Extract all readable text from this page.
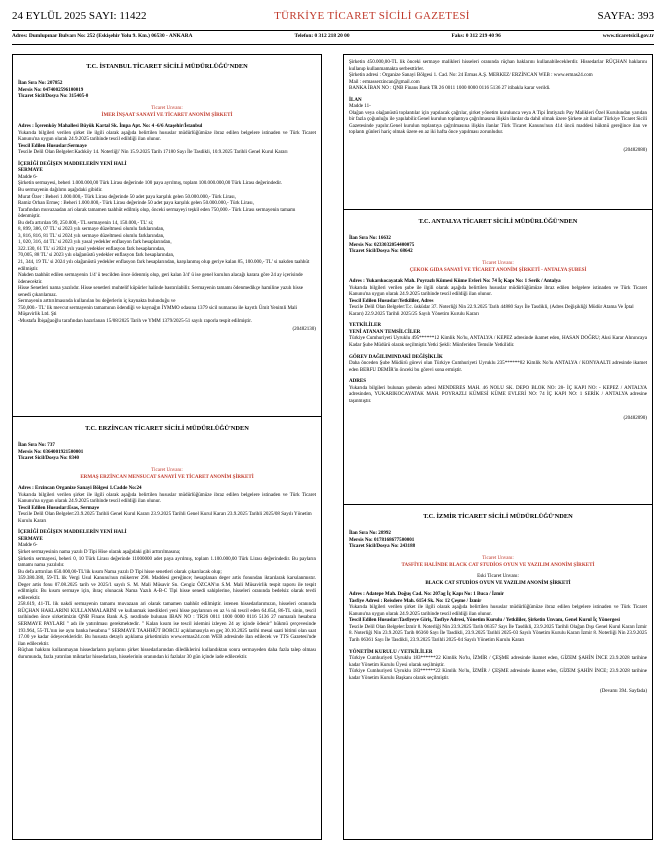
24 EYLÜL 2025 SAYI: 11422	TÜRKİYE TİCARET SİCİLİ GAZETESİ	SAYFA: 393
Adres: Dumlupınar Bulvarı No: 252 (Eskişehir Yolu 9. Km.) 06530 - ANKARA	Telefon: 0 312 218 20 00	Faks: 0 312 219 40 96	www.ticaretsicil.gov.tr
T.C. İSTANBUL TİCARET SİCİLİ MÜDÜRLÜĞÜ'NDEN
İlan Sıra No: 207852
Mersis No: 0474002596100019
Ticaret Sicil/Dosya No: 315405-0
Ticaret Unvanı:
İMER İNŞAAT SANAYİ VE TİCARET ANONİM ŞİRKETİ
Adres : İçerenköy Mahallesi Büyük Kartal Sk. İmpa Apt. No: 4 -6/6 Ataşehir/İstanbul
Yukarıda bilgileri verilen şirket ile ilgili olarak aşağıda belirtilen hususlar müdürlüğümüze ibraz edilen belgelere istinaden ve Türk Ticaret Kanunu'na uygun olarak 24.9.2025 tarihinde tescil edildiği ilan olunur.
Tescil Edilen Hususlar:Sermaye
Tescile Delil Olan Belgeler:Kadıköy 14. Noterliği' Nin 15.9.2025 Tarih 17180 Sayı İle Tasdikli, 10.9.2025 Tarihli Genel Kurul Kararı
İÇERİĞİ DEĞİŞEN MADDELERİN YENİ HALİ
SERMAYE
Madde 6-
Şirketin sermayesi, beheri 1.000.000,00 Türk Lirası değerinde 100 paya ayrılmış, toplam 100.000.000,00 Türk Lirası değerindedir.
Bu sermayenin dağılımı aşağıdaki gibidir.
Murat Özer : Beheri 1.000.000,- Türk Lirası değerinde 50 adet paya karşılık gelen 50.000.000,- Türk Lirası,
Ramiz Orhan Ermeç : Beheri 1.000.000,- Türk Lirası değerinde 50 adet paya karşılık gelen 50.000.000,- Türk Lirası,
Tarafından muvazaadan ari olarak tamamen taahhüt edilmiş olup, önceki sermayeyi teşkil eden 750,000.- Türk Lirası sermayenin tamamı ödenmiştir.
Bu defa artırılan 99, 250.000,- TL sermayenin 14, 150.000,- TL' si;
8, 899, 386, 07 TL' si 2023 yılı sermaye düzeltmesi olumlu farklarından,
3, 816, 816, 81 TL' si 2024 yılı sermaye düzeltmesi olumlu farklarından,
1, 020, 316, 44 TL' si 2023 yılı yasal yedekler enflasyon fark hesaplarından,
322.130, 61 TL' si 2024 yılı yasal yedekler enflasyon fark hesaplarından,
70,005, 88 TL' si 2023 yılı olağanüstü yedekler enflasyon fark hesaplarından,
21, 344, 19 TL' si 2024 yılı olağanüstü yedekler enflasyon fark hesaplarından, karşılanmış olup geriye kalan 85, 100.000,- TL' si nakden taahhüt edilmiştir.
Nakden taahhüt edilen sermayenin 1/4' ü tescilden önce ödenmiş olup, geri kalan 3/4' ü ise genel kurulun alacağı karara göre 24 ay içerisinde ödenecektir.
Hisse Senetleri nama yazılıdır. Hisse senetleri muhtelif küpürler halinde bastırılabilir. Sermayenin tamamı ödenmedikçe hamiline yazılı hisse senedi çıkarılamaz.
Sermayenin arttırılmasında kullanılan bu değerlerin iç kaynakta bulunduğu ve
750,000.- TL' lik mevcut sermayenin tamamının ödendiği ve kaynağın İYMMO odasına 1379 sicil numarası ile kayıtlı Ümit Yenimli Mali Müşavirlik Ltd. Şti
-Mustafa İbişağaoğlu tarafından hazırlanan 15/08/2025 Tarih ve YMM 1379/2025-51 sayılı raporla tespit edilmiştir.
(20482130)
T.C. ERZİNCAN TİCARET SİCİLİ MÜDÜRLÜĞÜ'NDEN
İlan Sıra No: 737
Mersis No: 0364001921500001
Ticaret Sicil/Dosya No: 8340
Ticaret Unvanı:
ERMAŞ ERZİNCAN MENSUCAT SANAYİ VE TİCARET ANONİM ŞİRKETİ
Adres : Erzincan Organize Sanayi Bölgesi 1.Cadde No:24
Yukarıda bilgileri verilen şirket ile ilgili olarak aşağıda belirtilen hususlar müdürlüğümüze ibraz edilen belgelere istinaden ve Türk Ticaret Kanunu'na uygun olarak 24.9.2025 tarihinde tescil edildiği ilan olunur.
Tescil Edilen Hususlar:Esas, Sermaye
Tescile Delil Olan Belgeler:23.9.2025 Tarihli Genel Kurul Kararı 23.9.2025 Tarihli Genel Kurul Kararı 23.9.2025 Tarihli 2025/08 Sayılı Yönetim Kurulu Kararı
İÇERİĞİ DEĞİŞEN MADDELERİN YENİ HALİ
SERMAYE
Madde 6-
Şirket sermayesinin nama yazılı D Tipi Hise olarak aşağıdaki gibi arttırılmasına;
Şirketin sermayesi, beheri 0, 10 Türk Lirası değerinde 11000000 adet paya ayrılmış, toplam 1.100.000,00 Türk Lirası değerindedir. Bu payların tamamı nama yazılıdır.
Bu defa arttırılan 650.000,00-TL'lik kısım Nama yazılı D Tipi hisse senetleri olarak çıkarılacak olup;
359.380.380, 59-TL lik Vergi Usul Kanunu'nun mükerrer 298. Maddesi gereğince; hesaplanan deger artis fonundan iktarılarak karsılanmıstır. Deger artis fonu 07.08.2025 tarih ve 2025/1 sayılı S. M. Mali Müsavir Sn. Cengiz ÖZCAN'ın S.M. Mali Müsavirlik tespit raporu ile tespit edilmiştir. Bu kısım sermaye için, ihraç olunacak Nama Yazılı A-B-C Tipi hisse senedi sahiplerine, hisseleri oranında bedelsiz olarak tevdi edilecektir.
258.619, 41-TL lik nakdi sermayenin tamamı muvazaan ari olarak tamamen taahhüt edilmiştir. istenen hissedarlarımızın, hisseleri oranında RÜÇHAN HAKLARINI KULLANMALARINI ve kullanmak istedikleri yeni hisse paylarının en az ¼ nü tescil eden 64.654, 86-TL sinin, tescil tarihinden önce sirketimizin QNB Finans Bank A.Ş. nezdinde bulunan IBAN NO : TR26 0011 1000 0000 0116 5136 27 numaralı hesabına SERMAYE PAYLARI " adı ile yatırılması gerekmektedir. " Kalan kısım ise tescil islemini izleyen 24 ay içinde ödenir" hükmü çerçevesinde 193.964, 55-TL'nın ise aynı banka hesabına " SERMAYE TAAHHÜT BORCU açıklamasıyla en geç 30.10.2025 tarihi mesai saati bitimi olan saat 17.00 ye kadar ödeyecekleridir. Bu hususta detaylı açıklama şirketimizin www.ermas24.com WEB adresinde ilan edilecek ve TTS Gazetesi'nde ilan edilecektir.
Rüçhan hakkını kullanmayan hissedarların paylarını şirket hissedarlarından dilediklerini kullandıktan sonra sermayeden daha fazla talep olması durumunda, fazla yatırılan miktarlar hissedarlara, hisselerinin oranından ki fazlalar 30 gün içinde iade edilecektir.
Şirketin 450.000,00-TL lik önceki sermaye malikleri hisseleri oranında rüçhan haklarını kullanabileceklerdir. Hissedarlar RÜÇHAN haklarını kullanıp kullanmamakta serbesttirler.
Şirketin adresi : Organize Sanayi Bölgesi 1. Cad. No: 24 Ermas A.Ş. MERKEZ/ ERZİNCAN WEB : www.ermas24.com
Mail : ermasserzincan@gmail.com
BANKA İBAN NO : QNB Finans Bank TR 26 0011 1000 0000 0116 5136 27 itibakla karar verildi.
İLAN
Madde 11-
Olağan veya olağanüstü toplantılar için yapılacak çağrılar, şirket yönetim kurulunca veya A Tipi İmtiyazlı Pay Malikleri Özel Kurulundan yarıdan bir fazla çoğunluğu ile yapılabilir.Genel kurulun toplantıya çağrılmasına ilişkin ilanlar da dahil olmak üzere Şirkete ait ilanlar Türkiye Ticaret Sicili Gazetesinde yapılır.Genel kurulun toplantıya çağrılmasına ilişkin ilanlar Türk Ticaret Kanunu'nun 414 üncü maddesi hükmü gereğince ilan ve toplantı günleri hariç olmak üzere en az iki hafta önce yapılması zorunludur.
(20482080)
T.C. ANTALYA TİCARET SİCİLİ MÜDÜRLÜĞÜ'NDEN
İlan Sıra No: 16632
Mersis No: 0233032054400075
Ticaret Sicil/Dosya No: 68642
Ticaret Unvanı:
ÇEKOK GIDA SANAYİ VE TİCARET ANONİM ŞİRKETİ - ANTALYA ŞUBESİ
Adres : Yukarıkocayatak Mah. Poyrazlı Kümesi Küme Evleri No: 74 İç Kapı No: 1 Serik / Antalya
Yukarıda bilgileri verilen şube ile ilgili olarak aşağıda belirtilen hususlar müdürlüğümüze ibraz edilen belgelere istinaden ve Türk Ticaret Kanunu'na uygun olarak 24.9.2025 tarihinde tescil edildiği ilan olunur.
Tescil Edilen Hususlar:Yetkililer, Adres
Tescile Delil Olan Belgeler:T.c. üsküdar 37. Noterliği Nin 22.9.2025 Tarih 44880 Sayı İle Tasdikli, (Adres Değişikliği Müdür Atama Ve İptal Kararı) 22.9.2025 Tarihli 2025/25 Sayılı Yönetim Kurulu Kararı
YETKİLİLER
YENİ ATANAN TEMSİLCİLER
Türkiye Cumhuriyeti Uyruklu 495******12 Kimlik No'lu, ANTALYA / KEPEZ adresinde ikamet eden, HASAN DOĞRU; Aksi Karar Alınıncaya Kadar Şube Müdürü olarak seçilmiştir.Yetki Şekli: Münferiden Temsile Yetkilidir.
GÖREV DAĞILIMINDAKİ DEĞİŞİKLİK
Daha önceden Şube Müdürü görevi olan Türkiye Cumhuriyeti Uyruklu 235******82 Kimlik No'lu ANTALYA / KONYAALTI adresinde ikamet eden BERFU DEMİR'in önceki bu görevi sona ermiştir.
ADRES
Yukarıda bilgileri bulunan şubenin adresi MENDERES MAH. 46 NOLU SK. DEPO BLOK NO: 28- İÇ KAPI NO: - KEPEZ / ANTALYA adresinden, YUKARIKOCAYATAK MAH. POYRAZLI KÜMESİ KÜME EVLERİ NO: 74 İÇ KAPI NO: 1 SERİK / ANTALYA adresine taşınmıştır.
(20482090)
T.C. İZMİR TİCARET SİCİLİ MÜDÜRLÜĞÜ'NDEN
İlan Sıra No: 28992
Mersis No: 0178168677500001
Ticaret Sicil/Dosya No: 243188
Ticaret Unvanı:
TASFİYE HALİNDE BLACK CAT STUDİOS OYUN VE YAZILIM ANONİM ŞİRKETİ
Eski Ticaret Unvanı:
BLACK CAT STUDİOS OYUN VE YAZILIM ANONİM ŞİRKETİ
Adres : Adatepe Mah. Doğuş Cad. No: 207ag İç Kapı No: 1 Buca / İzmir
Tasfiye Adresi : Reisdere Mah. 6154 Sk. No: 12 Çeşme / İzmir
Yukarıda bilgileri verilen şirket ile ilgili olarak aşağıda belirtilen hususlar müdürlüğümüze ibraz edilen belgelere istinaden ve Türk Ticaret Kanunu'na uygun olarak 24.9.2025 tarihinde tescil edildiği ilan olunur.
Tescil Edilen Hususlar:Tasfiyeye Giriş, Tasfiye Adresi, Yönetim Kurulu / Yetkililer, Şirketin Unvanı, Genel Kurul İç Yönergesi
Tescile Delil Olan Belgeler:İzmir 8. Noterliği Nin 23.9.2025 Tarih 06357 Sayı İle Tasdikli, 23.9.2025 Tarihli Olağan Dışı Genel Kurul Kararı İzmir 8. Noterliği Nin 23.9.2025 Tarih 06360 Sayı İle Tasdikli, 23.9.2025 Tarihli 2025-03 Sayılı Yönetim Kurulu Kararı İzmir 8. Noterliği Nin 23.9.2025 Tarih 06361 Sayı İle Tasdikli, 23.9.2025 Tarihli 2025-04 Sayılı Yönetim Kurulu Kararı
YÖNETİM KURULU / YETKİLİLER
Türkiye Cumhuriyeti Uyruklu 183******22 Kimlik No'lu, İZMİR / ÇEŞME adresinde ikamet eden, GİZEM ŞAHİN İNCE 23.9.2028 tarihine kadar Yönetim Kurulu Üyesi olarak seçilmiştir.
Türkiye Cumhuriyeti Uyruklu 183******22 Kimlik No'lu, İZMİR / ÇEŞME adresinde ikamet eden, GİZEM ŞAHİN İNCE; 23.9.2028 tarihine kadar Yönetim Kurulu Başkanı olarak seçilmiştir.
(Devamı 394. Sayfada)
